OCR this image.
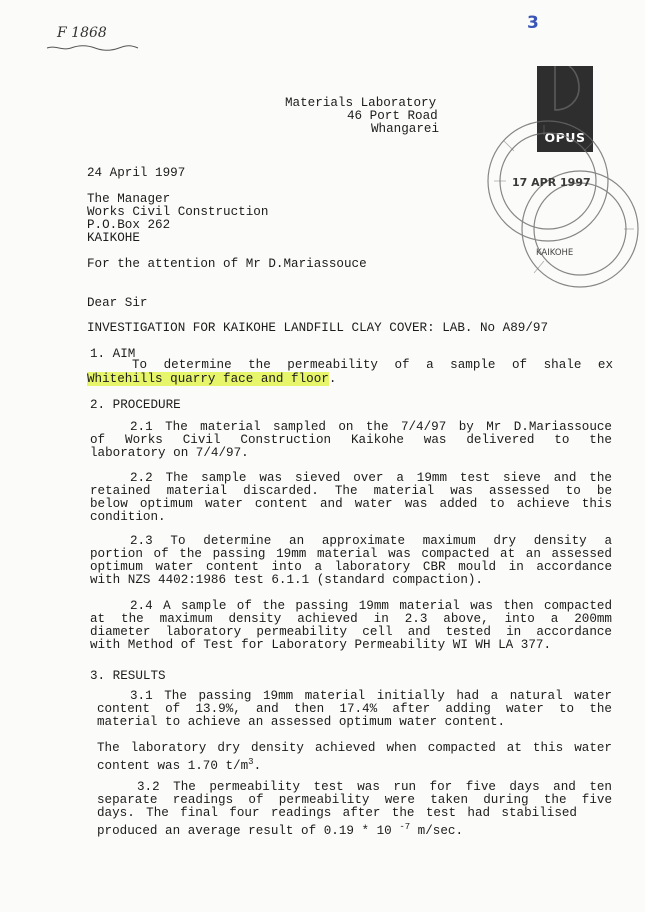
F 1868	3
OPUS
17 APR 1997
KAIKOHE
Materials Laboratory
46 Port Road
Whangarei
24 April 1997
The Manager
Works Civil Construction
P.O.Box 262
KAIKOHE
For the attention of Mr D.Mariassouce
Dear Sir
INVESTIGATION FOR KAIKOHE LANDFILL CLAY COVER: LAB. No A89/97
1. AIM
To determine the permeability of a sample of shale ex
Whitehills quarry face and floor.
2. PROCEDURE
2.1 The material sampled on the 7/4/97 by Mr D.Mariassouce
of Works Civil Construction Kaikohe was delivered to the
laboratory on 7/4/97.
2.2 The sample was sieved over a 19mm test sieve and the
retained material discarded. The material was assessed to be
below optimum water content and water was added to achieve this
condition.
2.3 To determine an approximate maximum dry density a
portion of the passing 19mm material was compacted at an assessed
optimum water content into a laboratory CBR mould in accordance
with NZS 4402:1986 test 6.1.1 (standard compaction).
2.4 A sample of the passing 19mm material was then compacted
at the maximum density achieved in 2.3 above, into a 200mm
diameter laboratory permeability cell and tested in accordance
with Method of Test for Laboratory Permeability WI WH LA 377.
3. RESULTS
3.1 The passing 19mm material initially had a natural water
content of 13.9%, and then 17.4% after adding water to the
material to achieve an assessed optimum water content.
The laboratory dry density achieved when compacted at this water
content was 1.70 $t/m^3$.
3.2 The permeability test was run for five days and ten
separate readings of permeability were taken during the five
days. The final four readings after the test had stabilised
produced an average result of 0.19 * 10 $^{-7}$ m/sec.
